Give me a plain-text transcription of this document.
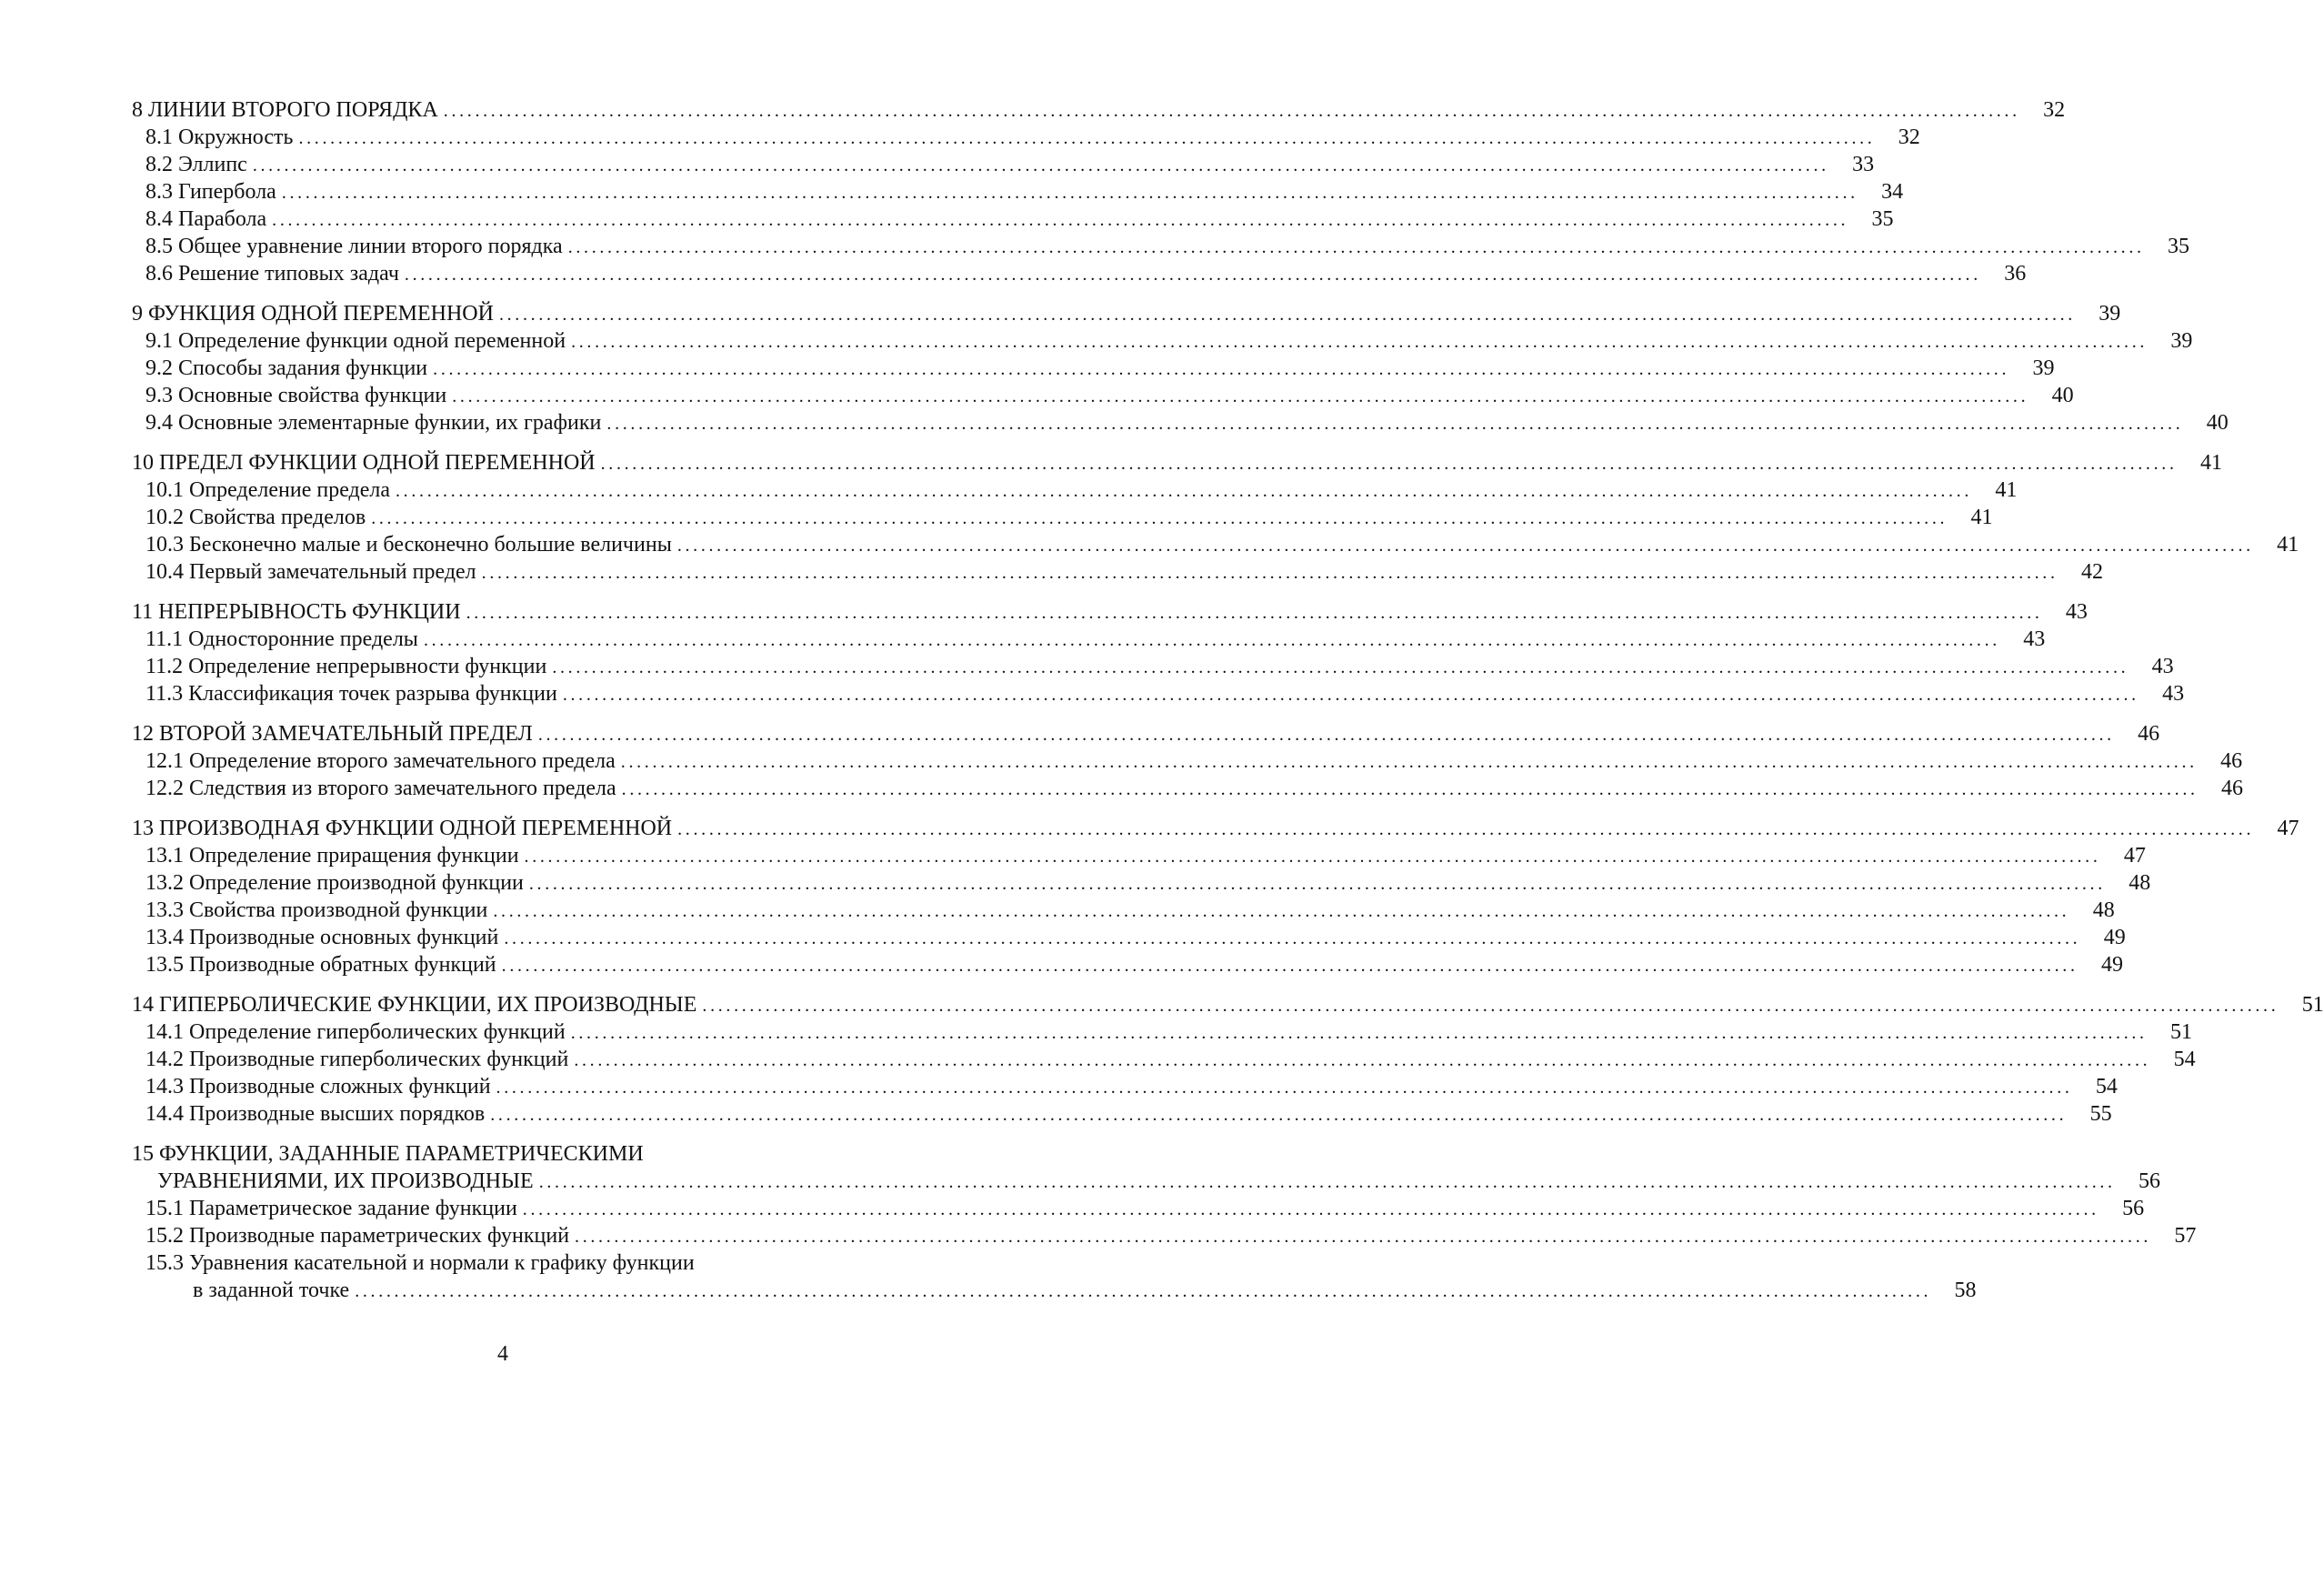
8 ЛИНИИ ВТОРОГО ПОРЯДКА . . . . . . . . . . . . . . . . . . . . . . . . . . . . . . . . . . . . . . . . . . . . . . . . . . . . . . . . . . . . . . . . . . . . . . . . . . . . . . . . . . . . . . . . . . . . . . . . . . . . . . . . . . . . . . . . . . . . . . . . . . . . . . . . . . . . . . . . . . . . . . . . . . . . . . . . . . . . . . . . . . . . . . . . . . . . . . . . . . . . . . . . . . . . . . . . . . . . . . . .	32
8.1 Окружность . . . . . . . . . . . . . . . . . . . . . . . . . . . . . . . . . . . . . . . . . . . . . . . . . . . . . . . . . . . . . . . . . . . . . . . . . . . . . . . . . . . . . . . . . . . . . . . . . . . . . . . . . . . . . . . . . . . . . . . . . . . . . . . . . . . . . . . . . . . . . . . . . . . . . . . . . . . . . . . . . . . . . . . . . . . . . . . . . . . . . . . . . . . . . . . . . . . . . . . .	32
8.2 Эллипс . . . . . . . . . . . . . . . . . . . . . . . . . . . . . . . . . . . . . . . . . . . . . . . . . . . . . . . . . . . . . . . . . . . . . . . . . . . . . . . . . . . . . . . . . . . . . . . . . . . . . . . . . . . . . . . . . . . . . . . . . . . . . . . . . . . . . . . . . . . . . . . . . . . . . . . . . . . . . . . . . . . . . . . . . . . . . . . . . . . . . . . . . . . . . . . . . . . . . . . .	33
8.3 Гипербола . . . . . . . . . . . . . . . . . . . . . . . . . . . . . . . . . . . . . . . . . . . . . . . . . . . . . . . . . . . . . . . . . . . . . . . . . . . . . . . . . . . . . . . . . . . . . . . . . . . . . . . . . . . . . . . . . . . . . . . . . . . . . . . . . . . . . . . . . . . . . . . . . . . . . . . . . . . . . . . . . . . . . . . . . . . . . . . . . . . . . . . . . . . . . . . . . . . . . . . .	34
8.4 Парабола . . . . . . . . . . . . . . . . . . . . . . . . . . . . . . . . . . . . . . . . . . . . . . . . . . . . . . . . . . . . . . . . . . . . . . . . . . . . . . . . . . . . . . . . . . . . . . . . . . . . . . . . . . . . . . . . . . . . . . . . . . . . . . . . . . . . . . . . . . . . . . . . . . . . . . . . . . . . . . . . . . . . . . . . . . . . . . . . . . . . . . . . . . . . . . . . . . . . . . . .	35
8.5 Общее уравнение линии второго порядка . . . . . . . . . . . . . . . . . . . . . . . . . . . . . . . . . . . . . . . . . . . . . . . . . . . . . . . . . . . . . . . . . . . . . . . . . . . . . . . . . . . . . . . . . . . . . . . . . . . . . . . . . . . . . . . . . . . . . . . . . . . . . . . . . . . . . . . . . . . . . . . . . . . . . . . . . . . . . . . . . . . . . . . . . . . . . . . . . . . . . . . . . . . . . . . . . . . . . . . .	35
8.6 Решение типовых задач . . . . . . . . . . . . . . . . . . . . . . . . . . . . . . . . . . . . . . . . . . . . . . . . . . . . . . . . . . . . . . . . . . . . . . . . . . . . . . . . . . . . . . . . . . . . . . . . . . . . . . . . . . . . . . . . . . . . . . . . . . . . . . . . . . . . . . . . . . . . . . . . . . . . . . . . . . . . . . . . . . . . . . . . . . . . . . . . . . . . . . . . . . . . . . . . . . . . . . . .	36
9 ФУНКЦИЯ ОДНОЙ ПЕРЕМЕННОЙ . . . . . . . . . . . . . . . . . . . . . . . . . . . . . . . . . . . . . . . . . . . . . . . . . . . . . . . . . . . . . . . . . . . . . . . . . . . . . . . . . . . . . . . . . . . . . . . . . . . . . . . . . . . . . . . . . . . . . . . . . . . . . . . . . . . . . . . . . . . . . . . . . . . . . . . . . . . . . . . . . . . . . . . . . . . . . . . . . . . . . . . . . . . . . . . . . . . . . . . .	39
9.1 Определение функции одной переменной . . . . . . . . . . . . . . . . . . . . . . . . . . . . . . . . . . . . . . . . . . . . . . . . . . . . . . . . . . . . . . . . . . . . . . . . . . . . . . . . . . . . . . . . . . . . . . . . . . . . . . . . . . . . . . . . . . . . . . . . . . . . . . . . . . . . . . . . . . . . . . . . . . . . . . . . . . . . . . . . . . . . . . . . . . . . . . . . . . . . . . . . . . . . . . . . . . . . . . . .	39
9.2 Способы задания функции . . . . . . . . . . . . . . . . . . . . . . . . . . . . . . . . . . . . . . . . . . . . . . . . . . . . . . . . . . . . . . . . . . . . . . . . . . . . . . . . . . . . . . . . . . . . . . . . . . . . . . . . . . . . . . . . . . . . . . . . . . . . . . . . . . . . . . . . . . . . . . . . . . . . . . . . . . . . . . . . . . . . . . . . . . . . . . . . . . . . . . . . . . . . . . . . . . . . . . . .	39
9.3 Основные свойства функции . . . . . . . . . . . . . . . . . . . . . . . . . . . . . . . . . . . . . . . . . . . . . . . . . . . . . . . . . . . . . . . . . . . . . . . . . . . . . . . . . . . . . . . . . . . . . . . . . . . . . . . . . . . . . . . . . . . . . . . . . . . . . . . . . . . . . . . . . . . . . . . . . . . . . . . . . . . . . . . . . . . . . . . . . . . . . . . . . . . . . . . . . . . . . . . . . . . . . . . .	40
9.4 Основные элементарные функии, их графики . . . . . . . . . . . . . . . . . . . . . . . . . . . . . . . . . . . . . . . . . . . . . . . . . . . . . . . . . . . . . . . . . . . . . . . . . . . . . . . . . . . . . . . . . . . . . . . . . . . . . . . . . . . . . . . . . . . . . . . . . . . . . . . . . . . . . . . . . . . . . . . . . . . . . . . . . . . . . . . . . . . . . . . . . . . . . . . . . . . . . . . . . . . . . . . . . . . . . . . .	40
10 ПРЕДЕЛ ФУНКЦИИ ОДНОЙ ПЕРЕМЕННОЙ . . . . . . . . . . . . . . . . . . . . . . . . . . . . . . . . . . . . . . . . . . . . . . . . . . . . . . . . . . . . . . . . . . . . . . . . . . . . . . . . . . . . . . . . . . . . . . . . . . . . . . . . . . . . . . . . . . . . . . . . . . . . . . . . . . . . . . . . . . . . . . . . . . . . . . . . . . . . . . . . . . . . . . . . . . . . . . . . . . . . . . . . . . . . . . . . . . . . . . . .	41
10.1 Определение предела . . . . . . . . . . . . . . . . . . . . . . . . . . . . . . . . . . . . . . . . . . . . . . . . . . . . . . . . . . . . . . . . . . . . . . . . . . . . . . . . . . . . . . . . . . . . . . . . . . . . . . . . . . . . . . . . . . . . . . . . . . . . . . . . . . . . . . . . . . . . . . . . . . . . . . . . . . . . . . . . . . . . . . . . . . . . . . . . . . . . . . . . . . . . . . . . . . . . . . . .	41
10.2 Свойства пределов . . . . . . . . . . . . . . . . . . . . . . . . . . . . . . . . . . . . . . . . . . . . . . . . . . . . . . . . . . . . . . . . . . . . . . . . . . . . . . . . . . . . . . . . . . . . . . . . . . . . . . . . . . . . . . . . . . . . . . . . . . . . . . . . . . . . . . . . . . . . . . . . . . . . . . . . . . . . . . . . . . . . . . . . . . . . . . . . . . . . . . . . . . . . . . . . . . . . . . . .	41
10.3 Бесконечно малые и бесконечно большие величины . . . . . . . . . . . . . . . . . . . . . . . . . . . . . . . . . . . . . . . . . . . . . . . . . . . . . . . . . . . . . . . . . . . . . . . . . . . . . . . . . . . . . . . . . . . . . . . . . . . . . . . . . . . . . . . . . . . . . . . . . . . . . . . . . . . . . . . . . . . . . . . . . . . . . . . . . . . . . . . . . . . . . . . . . . . . . . . . . . . . . . . . . . . . . . . . . . . . . . . .	41
10.4 Первый замечательный предел . . . . . . . . . . . . . . . . . . . . . . . . . . . . . . . . . . . . . . . . . . . . . . . . . . . . . . . . . . . . . . . . . . . . . . . . . . . . . . . . . . . . . . . . . . . . . . . . . . . . . . . . . . . . . . . . . . . . . . . . . . . . . . . . . . . . . . . . . . . . . . . . . . . . . . . . . . . . . . . . . . . . . . . . . . . . . . . . . . . . . . . . . . . . . . . . . . . . . . . .	42
11 НЕПРЕРЫВНОСТЬ ФУНКЦИИ . . . . . . . . . . . . . . . . . . . . . . . . . . . . . . . . . . . . . . . . . . . . . . . . . . . . . . . . . . . . . . . . . . . . . . . . . . . . . . . . . . . . . . . . . . . . . . . . . . . . . . . . . . . . . . . . . . . . . . . . . . . . . . . . . . . . . . . . . . . . . . . . . . . . . . . . . . . . . . . . . . . . . . . . . . . . . . . . . . . . . . . . . . . . . . . . . . . . . . . .	43
11.1 Односторонние пределы . . . . . . . . . . . . . . . . . . . . . . . . . . . . . . . . . . . . . . . . . . . . . . . . . . . . . . . . . . . . . . . . . . . . . . . . . . . . . . . . . . . . . . . . . . . . . . . . . . . . . . . . . . . . . . . . . . . . . . . . . . . . . . . . . . . . . . . . . . . . . . . . . . . . . . . . . . . . . . . . . . . . . . . . . . . . . . . . . . . . . . . . . . . . . . . . . . . . . . . .	43
11.2 Определение непрерывности функции . . . . . . . . . . . . . . . . . . . . . . . . . . . . . . . . . . . . . . . . . . . . . . . . . . . . . . . . . . . . . . . . . . . . . . . . . . . . . . . . . . . . . . . . . . . . . . . . . . . . . . . . . . . . . . . . . . . . . . . . . . . . . . . . . . . . . . . . . . . . . . . . . . . . . . . . . . . . . . . . . . . . . . . . . . . . . . . . . . . . . . . . . . . . . . . . . . . . . . . .	43
11.3 Классификация точек разрыва функции . . . . . . . . . . . . . . . . . . . . . . . . . . . . . . . . . . . . . . . . . . . . . . . . . . . . . . . . . . . . . . . . . . . . . . . . . . . . . . . . . . . . . . . . . . . . . . . . . . . . . . . . . . . . . . . . . . . . . . . . . . . . . . . . . . . . . . . . . . . . . . . . . . . . . . . . . . . . . . . . . . . . . . . . . . . . . . . . . . . . . . . . . . . . . . . . . . . . . . . .	43
12 ВТОРОЙ ЗАМЕЧАТЕЛЬНЫЙ ПРЕДЕЛ . . . . . . . . . . . . . . . . . . . . . . . . . . . . . . . . . . . . . . . . . . . . . . . . . . . . . . . . . . . . . . . . . . . . . . . . . . . . . . . . . . . . . . . . . . . . . . . . . . . . . . . . . . . . . . . . . . . . . . . . . . . . . . . . . . . . . . . . . . . . . . . . . . . . . . . . . . . . . . . . . . . . . . . . . . . . . . . . . . . . . . . . . . . . . . . . . . . . . . . .	46
12.1 Определение второго замечательного предела . . . . . . . . . . . . . . . . . . . . . . . . . . . . . . . . . . . . . . . . . . . . . . . . . . . . . . . . . . . . . . . . . . . . . . . . . . . . . . . . . . . . . . . . . . . . . . . . . . . . . . . . . . . . . . . . . . . . . . . . . . . . . . . . . . . . . . . . . . . . . . . . . . . . . . . . . . . . . . . . . . . . . . . . . . . . . . . . . . . . . . . . . . . . . . . . . . . . . . . .	46
12.2 Следствия из второго замечательного предела . . . . . . . . . . . . . . . . . . . . . . . . . . . . . . . . . . . . . . . . . . . . . . . . . . . . . . . . . . . . . . . . . . . . . . . . . . . . . . . . . . . . . . . . . . . . . . . . . . . . . . . . . . . . . . . . . . . . . . . . . . . . . . . . . . . . . . . . . . . . . . . . . . . . . . . . . . . . . . . . . . . . . . . . . . . . . . . . . . . . . . . . . . . . . . . . . . . . . . . .	46
13 ПРОИЗВОДНАЯ ФУНКЦИИ ОДНОЙ ПЕРЕМЕННОЙ . . . . . . . . . . . . . . . . . . . . . . . . . . . . . . . . . . . . . . . . . . . . . . . . . . . . . . . . . . . . . . . . . . . . . . . . . . . . . . . . . . . . . . . . . . . . . . . . . . . . . . . . . . . . . . . . . . . . . . . . . . . . . . . . . . . . . . . . . . . . . . . . . . . . . . . . . . . . . . . . . . . . . . . . . . . . . . . . . . . . . . . . . . . . . . . . . . . . . . . .	47
13.1 Определение приращения функции . . . . . . . . . . . . . . . . . . . . . . . . . . . . . . . . . . . . . . . . . . . . . . . . . . . . . . . . . . . . . . . . . . . . . . . . . . . . . . . . . . . . . . . . . . . . . . . . . . . . . . . . . . . . . . . . . . . . . . . . . . . . . . . . . . . . . . . . . . . . . . . . . . . . . . . . . . . . . . . . . . . . . . . . . . . . . . . . . . . . . . . . . . . . . . . . . . . . . . . .	47
13.2 Определение производной функции . . . . . . . . . . . . . . . . . . . . . . . . . . . . . . . . . . . . . . . . . . . . . . . . . . . . . . . . . . . . . . . . . . . . . . . . . . . . . . . . . . . . . . . . . . . . . . . . . . . . . . . . . . . . . . . . . . . . . . . . . . . . . . . . . . . . . . . . . . . . . . . . . . . . . . . . . . . . . . . . . . . . . . . . . . . . . . . . . . . . . . . . . . . . . . . . . . . . . . . .	48
13.3 Свойства производной функции . . . . . . . . . . . . . . . . . . . . . . . . . . . . . . . . . . . . . . . . . . . . . . . . . . . . . . . . . . . . . . . . . . . . . . . . . . . . . . . . . . . . . . . . . . . . . . . . . . . . . . . . . . . . . . . . . . . . . . . . . . . . . . . . . . . . . . . . . . . . . . . . . . . . . . . . . . . . . . . . . . . . . . . . . . . . . . . . . . . . . . . . . . . . . . . . . . . . . . . .	48
13.4 Производные основных функций . . . . . . . . . . . . . . . . . . . . . . . . . . . . . . . . . . . . . . . . . . . . . . . . . . . . . . . . . . . . . . . . . . . . . . . . . . . . . . . . . . . . . . . . . . . . . . . . . . . . . . . . . . . . . . . . . . . . . . . . . . . . . . . . . . . . . . . . . . . . . . . . . . . . . . . . . . . . . . . . . . . . . . . . . . . . . . . . . . . . . . . . . . . . . . . . . . . . . . . .	49
13.5 Производные обратных функций . . . . . . . . . . . . . . . . . . . . . . . . . . . . . . . . . . . . . . . . . . . . . . . . . . . . . . . . . . . . . . . . . . . . . . . . . . . . . . . . . . . . . . . . . . . . . . . . . . . . . . . . . . . . . . . . . . . . . . . . . . . . . . . . . . . . . . . . . . . . . . . . . . . . . . . . . . . . . . . . . . . . . . . . . . . . . . . . . . . . . . . . . . . . . . . . . . . . . . . .	49
14 ГИПЕРБОЛИЧЕСКИЕ ФУНКЦИИ, ИХ ПРОИЗВОДНЫЕ . . . . . . . . . . . . . . . . . . . . . . . . . . . . . . . . . . . . . . . . . . . . . . . . . . . . . . . . . . . . . . . . . . . . . . . . . . . . . . . . . . . . . . . . . . . . . . . . . . . . . . . . . . . . . . . . . . . . . . . . . . . . . . . . . . . . . . . . . . . . . . . . . . . . . . . . . . . . . . . . . . . . . . . . . . . . . . . . . . . . . . . . . . . . . . . . . . . . . . . .	51
14.1 Определение гиперболических функций . . . . . . . . . . . . . . . . . . . . . . . . . . . . . . . . . . . . . . . . . . . . . . . . . . . . . . . . . . . . . . . . . . . . . . . . . . . . . . . . . . . . . . . . . . . . . . . . . . . . . . . . . . . . . . . . . . . . . . . . . . . . . . . . . . . . . . . . . . . . . . . . . . . . . . . . . . . . . . . . . . . . . . . . . . . . . . . . . . . . . . . . . . . . . . . . . . . . . . . .	51
14.2 Производные гиперболических функций . . . . . . . . . . . . . . . . . . . . . . . . . . . . . . . . . . . . . . . . . . . . . . . . . . . . . . . . . . . . . . . . . . . . . . . . . . . . . . . . . . . . . . . . . . . . . . . . . . . . . . . . . . . . . . . . . . . . . . . . . . . . . . . . . . . . . . . . . . . . . . . . . . . . . . . . . . . . . . . . . . . . . . . . . . . . . . . . . . . . . . . . . . . . . . . . . . . . . . . .	54
14.3 Производные сложных функций . . . . . . . . . . . . . . . . . . . . . . . . . . . . . . . . . . . . . . . . . . . . . . . . . . . . . . . . . . . . . . . . . . . . . . . . . . . . . . . . . . . . . . . . . . . . . . . . . . . . . . . . . . . . . . . . . . . . . . . . . . . . . . . . . . . . . . . . . . . . . . . . . . . . . . . . . . . . . . . . . . . . . . . . . . . . . . . . . . . . . . . . . . . . . . . . . . . . . . . .	54
14.4 Производные высших порядков . . . . . . . . . . . . . . . . . . . . . . . . . . . . . . . . . . . . . . . . . . . . . . . . . . . . . . . . . . . . . . . . . . . . . . . . . . . . . . . . . . . . . . . . . . . . . . . . . . . . . . . . . . . . . . . . . . . . . . . . . . . . . . . . . . . . . . . . . . . . . . . . . . . . . . . . . . . . . . . . . . . . . . . . . . . . . . . . . . . . . . . . . . . . . . . . . . . . . . . .	55
15 ФУНКЦИИ, ЗАДАННЫЕ ПАРАМЕТРИЧЕСКИМИ
УРАВНЕНИЯМИ, ИХ ПРОИЗВОДНЫЕ . . . . . . . . . . . . . . . . . . . . . . . . . . . . . . . . . . . . . . . . . . . . . . . . . . . . . . . . . . . . . . . . . . . . . . . . . . . . . . . . . . . . . . . . . . . . . . . . . . . . . . . . . . . . . . . . . . . . . . . . . . . . . . . . . . . . . . . . . . . . . . . . . . . . . . . . . . . . . . . . . . . . . . . . . . . . . . . . . . . . . . . . . . . . . . . . . . . . . . . .	56
15.1 Параметрическое задание функции . . . . . . . . . . . . . . . . . . . . . . . . . . . . . . . . . . . . . . . . . . . . . . . . . . . . . . . . . . . . . . . . . . . . . . . . . . . . . . . . . . . . . . . . . . . . . . . . . . . . . . . . . . . . . . . . . . . . . . . . . . . . . . . . . . . . . . . . . . . . . . . . . . . . . . . . . . . . . . . . . . . . . . . . . . . . . . . . . . . . . . . . . . . . . . . . . . . . . . . .	56
15.2 Производные параметрических функций . . . . . . . . . . . . . . . . . . . . . . . . . . . . . . . . . . . . . . . . . . . . . . . . . . . . . . . . . . . . . . . . . . . . . . . . . . . . . . . . . . . . . . . . . . . . . . . . . . . . . . . . . . . . . . . . . . . . . . . . . . . . . . . . . . . . . . . . . . . . . . . . . . . . . . . . . . . . . . . . . . . . . . . . . . . . . . . . . . . . . . . . . . . . . . . . . . . . . . . .	57
15.3 Уравнения касательной и нормали к графику функции
в заданной точке . . . . . . . . . . . . . . . . . . . . . . . . . . . . . . . . . . . . . . . . . . . . . . . . . . . . . . . . . . . . . . . . . . . . . . . . . . . . . . . . . . . . . . . . . . . . . . . . . . . . . . . . . . . . . . . . . . . . . . . . . . . . . . . . . . . . . . . . . . . . . . . . . . . . . . . . . . . . . . . . . . . . . . . . . . . . . . . . . . . . . . . . . . . . . . . . . . . . . . . .	58
4
